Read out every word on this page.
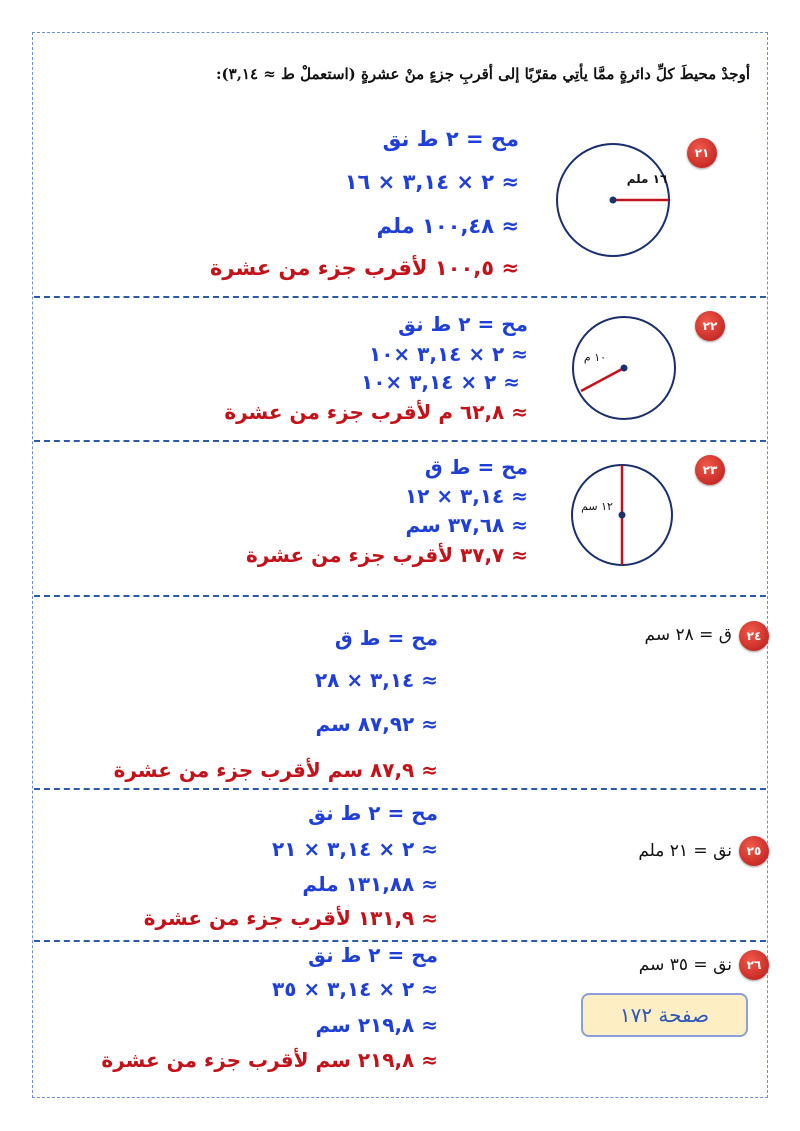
أوجدْ محيطَ كلِّ دائرةٍ ممَّا يأتِي مقرّبًا إلى أقربِ جزءٍ منْ عشرةٍ (استعملْ ط ≈ ٣,١٤):
٢١
١٦ ملم
مح = ٢ ط نق
≈ ٢ × ٣,١٤ × ١٦
≈ ١٠٠,٤٨ ملم
≈ ١٠٠,٥ لأقرب جزء من عشرة
٢٢
١٠ م
مح = ٢ ط نق
≈ ٢ × ٣,١٤ ×١٠
≈ ٢ × ٣,١٤ ×١٠
≈ ٦٢,٨ م لأقرب جزء من عشرة
٢٣
١٢ سم
مح = ط ق
≈ ٣,١٤ × ١٢
≈ ٣٧,٦٨ سم
≈ ٣٧,٧ لأقرب جزء من عشرة
٢٤
ق = ٢٨ سم
مح = ط ق
≈ ٣,١٤ × ٢٨
≈ ٨٧,٩٢ سم
≈ ٨٧,٩ سم لأقرب جزء من عشرة
٢٥
نق = ٢١ ملم
مح = ٢ ط نق
≈ ٢ × ٣,١٤ × ٢١
≈ ١٣١,٨٨ ملم
≈ ١٣١,٩ لأقرب جزء من عشرة
٢٦
نق = ٣٥ سم
مح = ٢ ط نق
≈ ٢ × ٣,١٤ × ٣٥
≈ ٢١٩,٨ سم
≈ ٢١٩,٨ سم لأقرب جزء من عشرة
صفحة ١٧٢
